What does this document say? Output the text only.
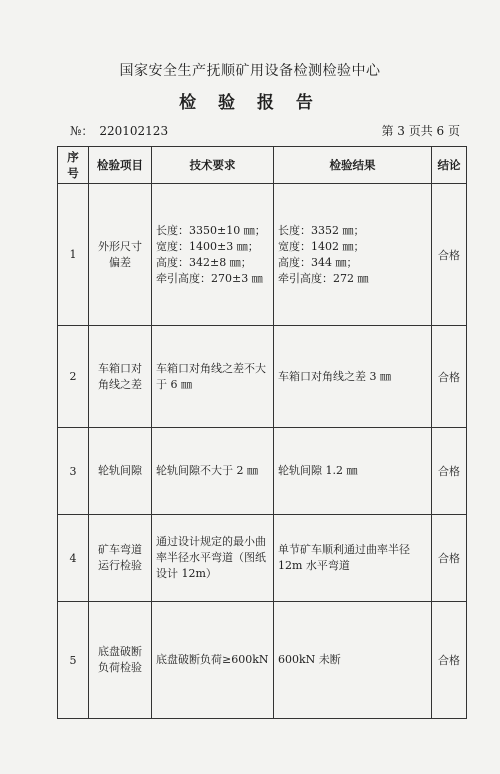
国家安全生产抚顺矿用设备检测检验中心
检 验 报 告
№： 220102123	第 3 页共 6 页
序号	检验项目	技术要求	检验结果	结论
1	外形尺寸
偏差	长度：3350±10 ㎜；
宽度：1400±3 ㎜；
高度：342±8 ㎜；
牵引高度：270±3 ㎜	长度：3352 ㎜；
宽度：1402 ㎜；
高度：344 ㎜；
牵引高度：272 ㎜	合格
2	车箱口对
角线之差	车箱口对角线之差不大
于 6 ㎜	车箱口对角线之差 3 ㎜	合格
3	轮轨间隙	轮轨间隙不大于 2 ㎜	轮轨间隙 1.2 ㎜	合格
4	矿车弯道
运行检验	通过设计规定的最小曲
率半径水平弯道（图纸
设计 12m）	单节矿车顺利通过曲率半径
12m 水平弯道	合格
5	底盘破断
负荷检验	底盘破断负荷≥600kN	600kN 未断	合格
